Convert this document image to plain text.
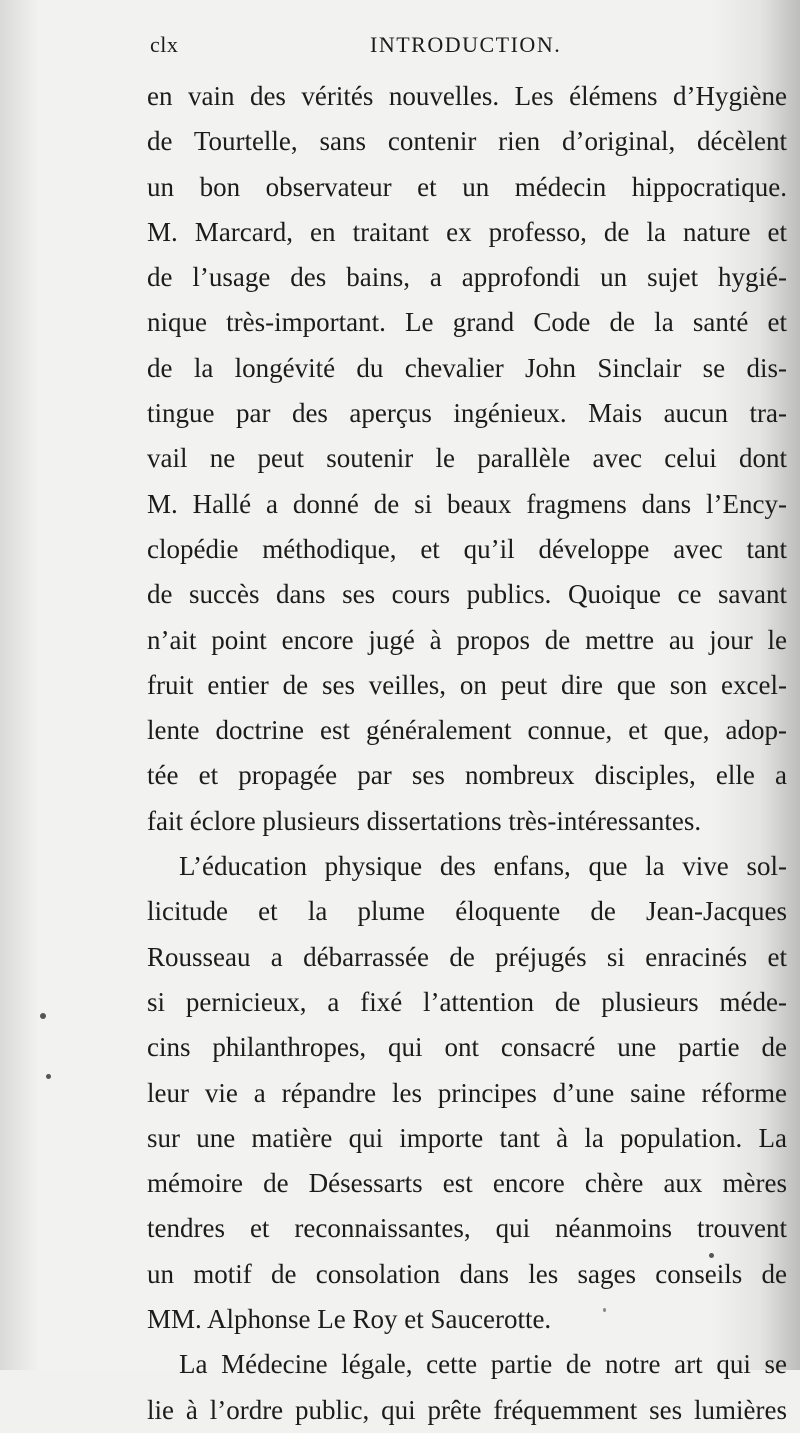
clx	INTRODUCTION.
en vain des vérités nouvelles. Les élémens d’Hygiène
de Tourtelle, sans contenir rien d’original, décèlent
un bon observateur et un médecin hippocratique.
M. Marcard, en traitant ex professo, de la nature et
de l’usage des bains, a approfondi un sujet hygié-
nique très-important. Le grand Code de la santé et
de la longévité du chevalier John Sinclair se dis-
tingue par des aperçus ingénieux. Mais aucun tra-
vail ne peut soutenir le parallèle avec celui dont
M. Hallé a donné de si beaux fragmens dans l’Ency-
clopédie méthodique, et qu’il développe avec tant
de succès dans ses cours publics. Quoique ce savant
n’ait point encore jugé à propos de mettre au jour le
fruit entier de ses veilles, on peut dire que son excel-
lente doctrine est généralement connue, et que, adop-
tée et propagée par ses nombreux disciples, elle a
fait éclore plusieurs dissertations très-intéressantes.
L’éducation physique des enfans, que la vive sol-
licitude et la plume éloquente de Jean-Jacques
Rousseau a débarrassée de préjugés si enracinés et
si pernicieux, a fixé l’attention de plusieurs méde-
cins philanthropes, qui ont consacré une partie de
leur vie a répandre les principes d’une saine réforme
sur une matière qui importe tant à la population. La
mémoire de Désessarts est encore chère aux mères
tendres et reconnaissantes, qui néanmoins trouvent
un motif de consolation dans les sages conseils de
MM. Alphonse Le Roy et Saucerotte.
La Médecine légale, cette partie de notre art qui se
lie à l’ordre public, qui prête fréquemment ses lumières
